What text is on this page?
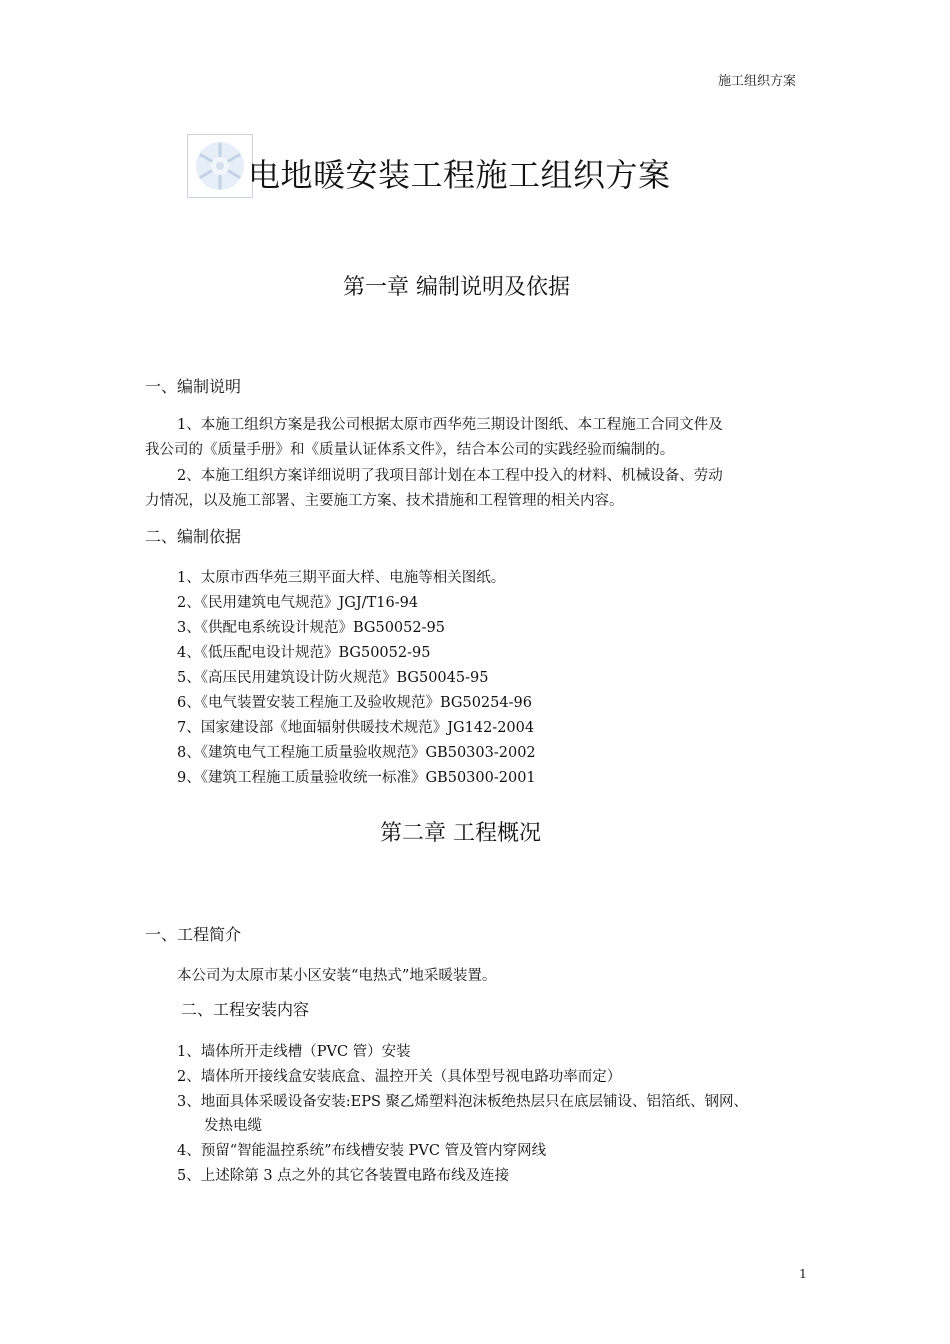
施工组织方案
电地暖安装工程施工组织方案
第一章 编制说明及依据
一、编制说明
1、本施工组织方案是我公司根据太原市西华苑三期设计图纸、本工程施工合同文件及
我公司的《质量手册》和《质量认证体系文件》，结合本公司的实践经验而编制的。
2、本施工组织方案详细说明了我项目部计划在本工程中投入的材料、机械设备、劳动
力情况，以及施工部署、主要施工方案、技术措施和工程管理的相关内容。
二、编制依据
1、太原市西华苑三期平面大样、电施等相关图纸。
2、《民用建筑电气规范》JGJ/T16-94
3、《供配电系统设计规范》BG50052-95
4、《低压配电设计规范》BG50052-95
5、《高压民用建筑设计防火规范》BG50045-95
6、《电气装置安装工程施工及验收规范》BG50254-96
7、国家建设部《地面辐射供暖技术规范》JG142-2004
8、《建筑电气工程施工质量验收规范》GB50303-2002
9、《建筑工程施工质量验收统一标准》GB50300-2001
第二章 工程概况
一、工程简介
本公司为太原市某小区安装“电热式”地采暖装置。
二、工程安装内容
1、墙体所开走线槽（PVC 管）安装
2、墙体所开接线盒安装底盒、温控开关（具体型号视电路功率而定）
3、地面具体采暖设备安装:EPS 聚乙烯塑料泡沫板绝热层只在底层铺设、铝箔纸、钢网、
发热电缆
4、预留“智能温控系统”布线槽安装 PVC 管及管内穿网线
5、上述除第 3 点之外的其它各装置电路布线及连接
1
